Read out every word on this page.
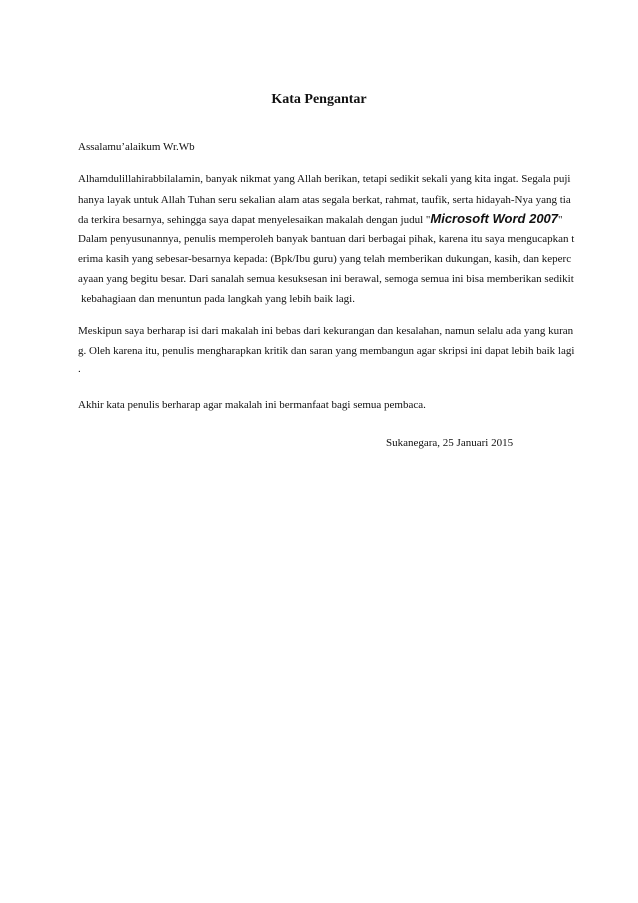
Kata Pengantar
Assalamu’alaikum Wr.Wb
Alhamdulillahirabbilalamin, banyak nikmat yang Allah berikan, tetapi sedikit sekali yang kita ingat. Segala puji
hanya layak untuk Allah Tuhan seru sekalian alam atas segala berkat, rahmat, taufik, serta hidayah-Nya yang tia
da terkira besarnya, sehingga saya dapat menyelesaikan makalah dengan judul "Microsoft Word 2007"
Dalam penyusunannya, penulis memperoleh banyak bantuan dari berbagai pihak, karena itu saya mengucapkan t
erima kasih yang sebesar-besarnya kepada: (Bpk/Ibu guru) yang telah memberikan dukungan, kasih, dan keperc
ayaan yang begitu besar. Dari sanalah semua kesuksesan ini berawal, semoga semua ini bisa memberikan sedikit
kebahagiaan dan menuntun pada langkah yang lebih baik lagi.
Meskipun saya berharap isi dari makalah ini bebas dari kekurangan dan kesalahan, namun selalu ada yang kuran
g. Oleh karena itu, penulis mengharapkan kritik dan saran yang membangun agar skripsi ini dapat lebih baik lagi
.
Akhir kata penulis berharap agar makalah ini bermanfaat bagi semua pembaca.
Sukanegara, 25 Januari 2015
